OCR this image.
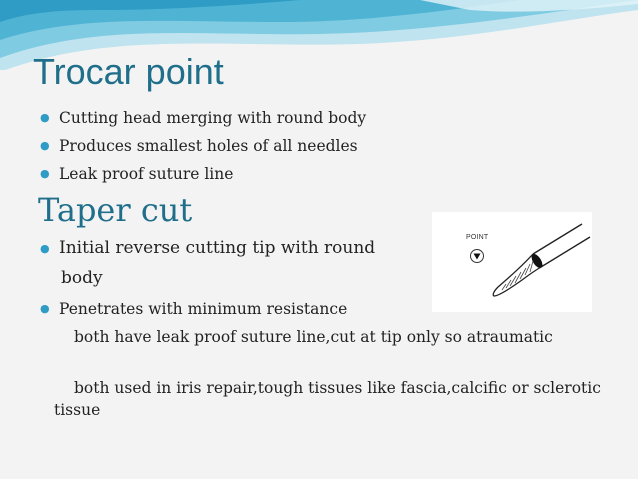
Trocar point
● Cutting head merging with round body
● Produces smallest holes of all needles
● Leak proof suture line
Taper cut
● Initial reverse cutting tip with round
body
● Penetrates with minimum resistance

both have leak proof suture line,cut at tip only so atraumatic

both used in iris repair,tough tissues like fascia,calcific or sclerotic tissue

POINT
